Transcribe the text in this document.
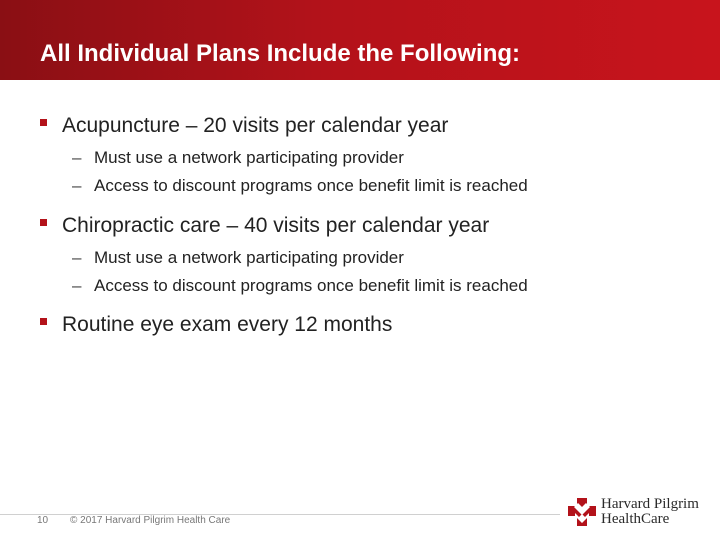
All Individual Plans Include the Following:
Acupuncture – 20 visits per calendar year
– Must use a network participating provider
– Access to discount programs once benefit limit is reached
Chiropractic care – 40 visits per calendar year
– Must use a network participating provider
– Access to discount programs once benefit limit is reached
Routine eye exam every 12 months
10 © 2017 Harvard Pilgrim Health Care
Harvard Pilgrim
HealthCare
